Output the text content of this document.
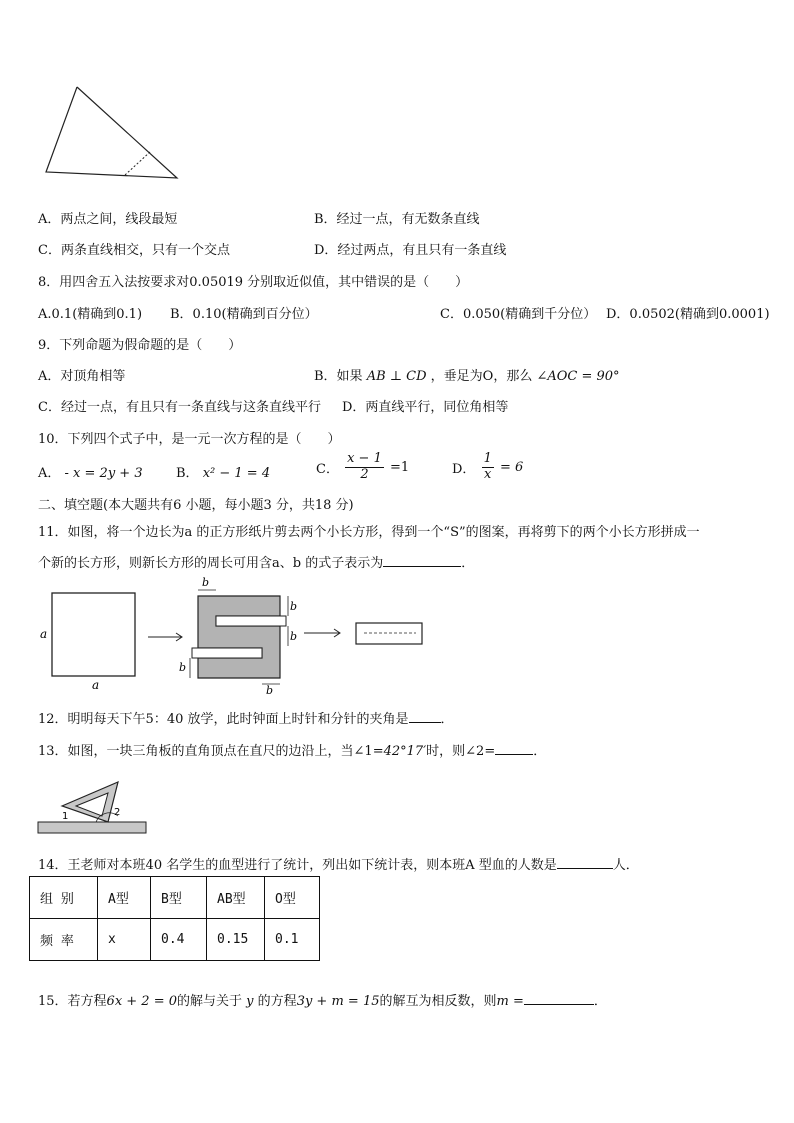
A．两点之间，线段最短	B．经过一点，有无数条直线
C．两条直线相交，只有一个交点	D．经过两点，有且只有一条直线
8．用四舍五入法按要求对0.05019 分别取近似值，其中错误的是（　　）
A.0.1(精确到0.1) B．0.10(精确到百分位）	C．0.050(精确到千分位） D．0.0502(精确到0.0001)
9．下列命题为假命题的是（　　）
A．对顶角相等	B．如果 AB ⊥ CD ，垂足为O，那么 ∠AOC = 90°
C．经过一点，有且只有一条直线与这条直线平行 D．两直线平行，同位角相等
10．下列四个式子中，是一元一次方程的是（　　）
A． - x = 2y + 3	B． x² − 1 = 4	C． $\frac{x - 1}{2} =1$	D． $\frac{1}{x} = 6$
二、填空题(本大题共有6 小题，每小题3 分，共18 分)
11．如图，将一个边长为a 的正方形纸片剪去两个小长方形，得到一个“S”的图案，再将剪下的两个小长方形拼成一
个新的长方形，则新长方形的周长可用含a、b 的式子表示为	．
a
a
b
b
b
b
b
12．明明每天下午5：40 放学，此时钟面上时针和分针的夹角是 ．
13．如图，一块三角板的直角顶点在直尺的边沿上，当∠1=42°17′时，则∠2=	．
1	2
14．王老师对本班40 名学生的血型进行了统计，列出如下统计表，则本班A 型血的人数是	人．
组 别	A型	B型	AB型	O型
频 率	x	0.4	0.15	0.1
15．若方程6x + 2 = 0的解与关于 y 的方程3y + m = 15的解互为相反数，则m =	．
